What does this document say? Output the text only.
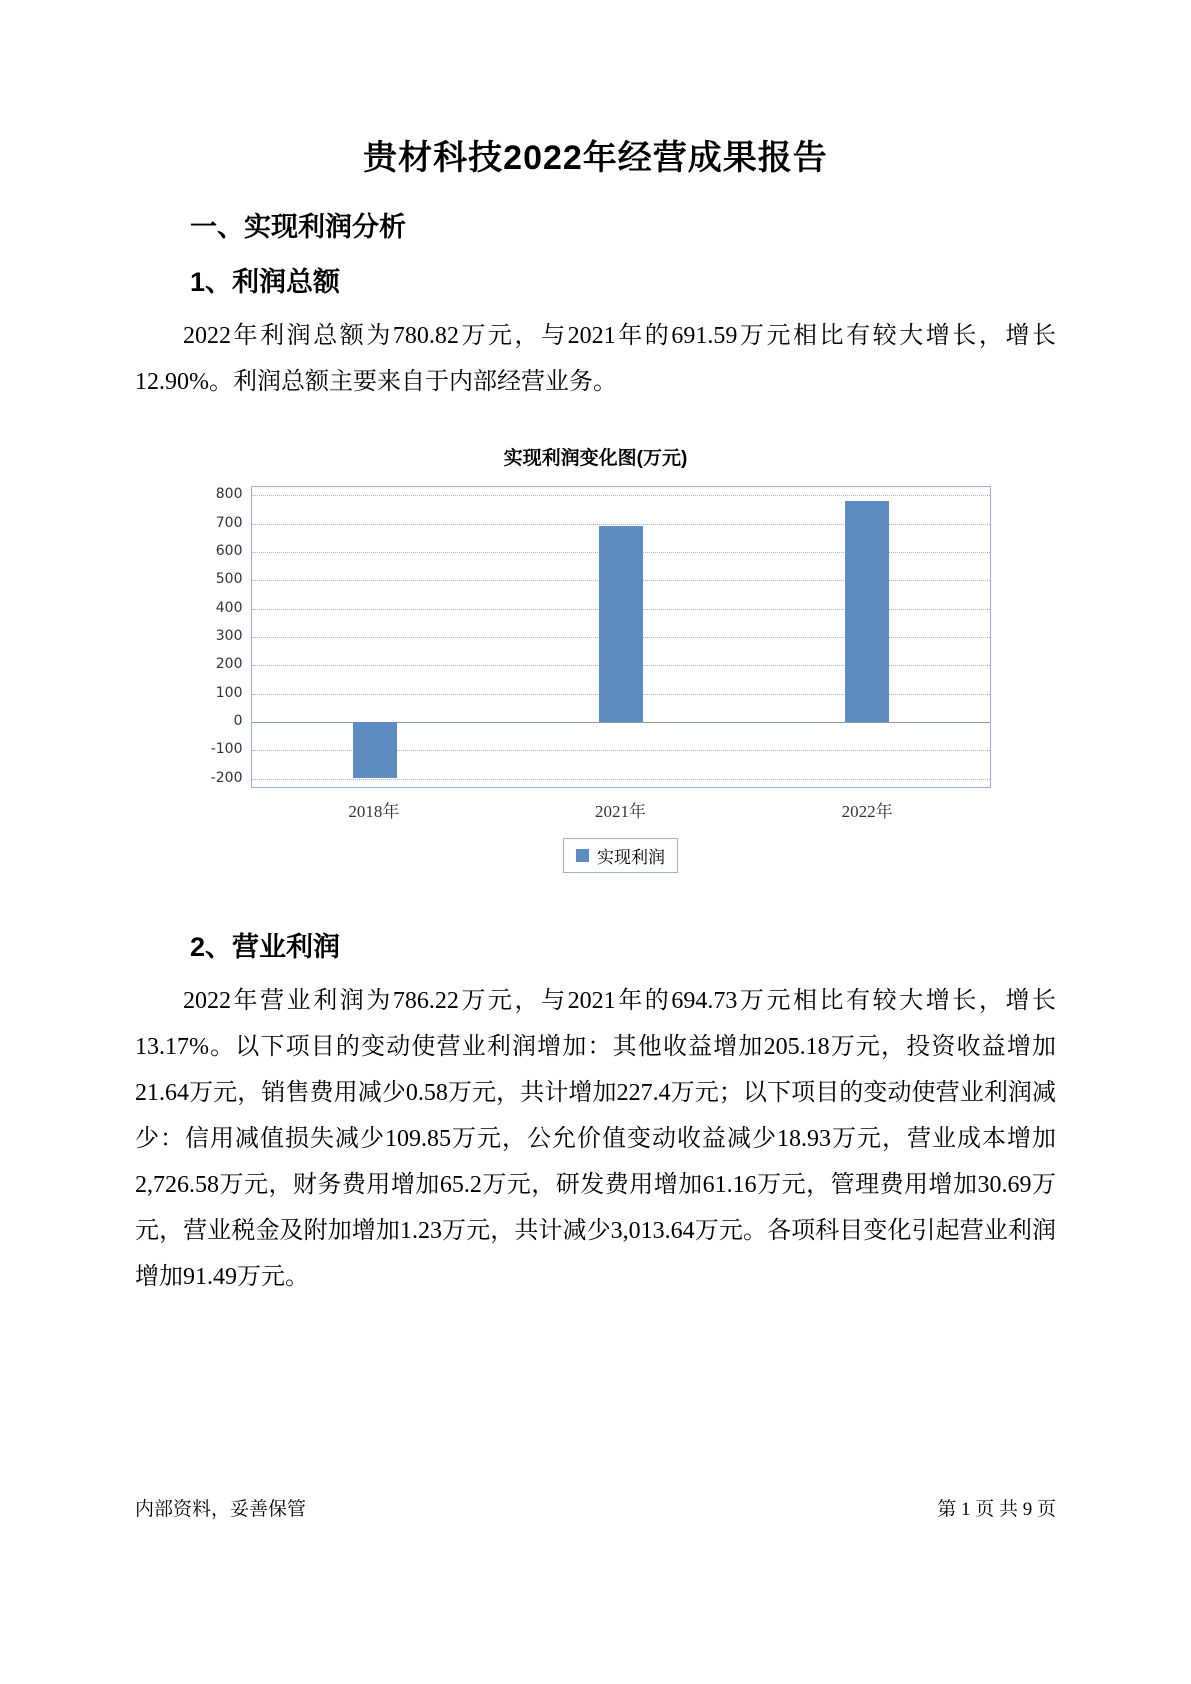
贵材科技2022年经营成果报告
一、实现利润分析
1、利润总额

2022年利润总额为780.82万元，与2021年的691.59万元相比有较大增长，增长12.90%。利润总额主要来自于内部经营业务。

实现利润变化图(万元)
800
700
600
500
400
300
200
100
0
-100
-200
2018年	2021年	2022年
实现利润
2、营业利润

2022年营业利润为786.22万元，与2021年的694.73万元相比有较大增长，增长13.17%。以下项目的变动使营业利润增加：其他收益增加205.18万元，投资收益增加21.64万元，销售费用减少0.58万元，共计增加227.4万元；以下项目的变动使营业利润减少：信用减值损失减少109.85万元，公允价值变动收益减少18.93万元，营业成本增加2,726.58万元，财务费用增加65.2万元，研发费用增加61.16万元，管理费用增加30.69万元，营业税金及附加增加1.23万元，共计减少3,013.64万元。各项科目变化引起营业利润增加91.49万元。

内部资料，妥善保管	第 1 页 共 9 页
